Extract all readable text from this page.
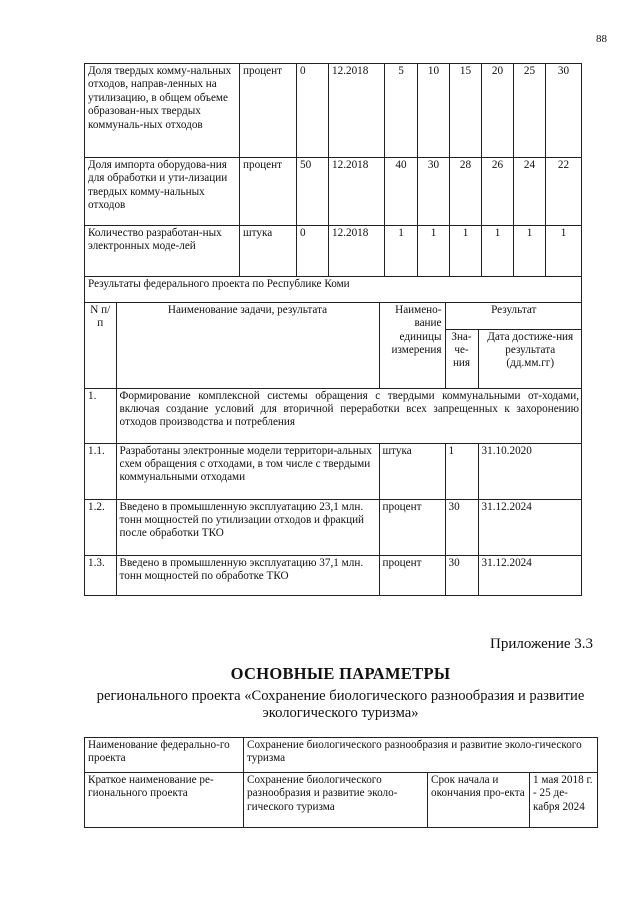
88
Доля твердых комму-нальных отходов, направ-ленных на утилизацию, в общем объеме образован-ных твердых коммуналь-ных отходов	процент	0	12.2018	5	10	15	20	25	30
Доля импорта оборудова-ния для обработки и ути-лизации твердых комму-нальных отходов	процент	50	12.2018	40	30	28	26	24	22
Количество разработан-ных электронных моде-лей	штука	0	12.2018	1	1	1	1	1	1
Результаты федерального проекта по Республике Коми

N п/п	Наименование задачи, результата	Наимено-вание единицы измерения	Результат
Зна-че-ния	Дата достиже-ния результата (дд.мм.гг)
1.	Формирование комплексной системы обращения с твердыми коммунальными от-ходами, включая создание условий для вторичной переработки всех запрещенных к захоронению отходов производства и потребления
1.1.	Разработаны электронные модели территори-альных схем обращения с отходами, в том числе с твердыми коммунальными отходами	штука	1	31.10.2020
1.2.	Введено в промышленную эксплуатацию 23,1 млн. тонн мощностей по утилизации отходов и фракций после обработки ТКО	процент	30	31.12.2024
1.3.	Введено в промышленную эксплуатацию 37,1 млн. тонн мощностей по обработке ТКО	процент	30	31.12.2024
Приложение 3.3
ОСНОВНЫЕ ПАРАМЕТРЫ
регионального проекта «Сохранение биологического разнообразия и развитие экологического туризма»
Наименование федерально-го проекта	Сохранение биологического разнообразия и развитие эколо-гического туризма		
Краткое наименование ре-гионального проекта	Сохранение биологического разнообразия и развитие эколо-гического туризма	Срок начала и окончания про-екта	1 мая 2018 г. - 25 де-кабря 2024
